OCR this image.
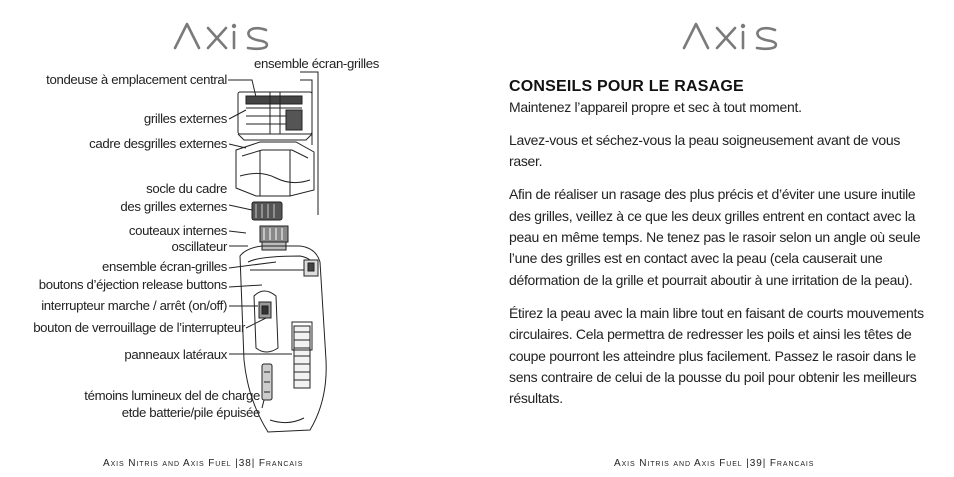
tondeuse à emplacement central
ensemble écran-grilles
grilles externes
cadre desgrilles externes
socle du cadre
des grilles externes
couteaux internes
oscillateur
ensemble écran-grilles
boutons d’éjection release buttons
interrupteur marche / arrêt (on/off)
bouton de verrouillage de l’interrupteur
panneaux latéraux
témoins lumineux del de charge
etde batterie/pile épuisée
Axis Nitris and Axis Fuel |38| Francais
CONSEILS POUR LE RASAGE

Maintenez l’appareil propre et sec à tout moment.

Lavez-vous et séchez-vous la peau soigneusement avant de vous raser.

Afin de réaliser un rasage des plus précis et d’éviter une usure inutile des grilles, veillez à ce que les deux grilles entrent en contact avec la peau en même temps. Ne tenez pas le rasoir selon un angle où seule l’une des grilles est en contact avec la peau (cela causerait une déformation de la grille et pourrait aboutir à une irritation de la peau).

Étirez la peau avec la main libre tout en faisant de courts mouvements circulaires. Cela permettra de redresser les poils et ainsi les têtes de coupe pourront les atteindre plus facilement. Passez le rasoir dans le sens contraire de celui de la pousse du poil pour obtenir les meilleurs résultats.

Axis Nitris and Axis Fuel |39| Francais
